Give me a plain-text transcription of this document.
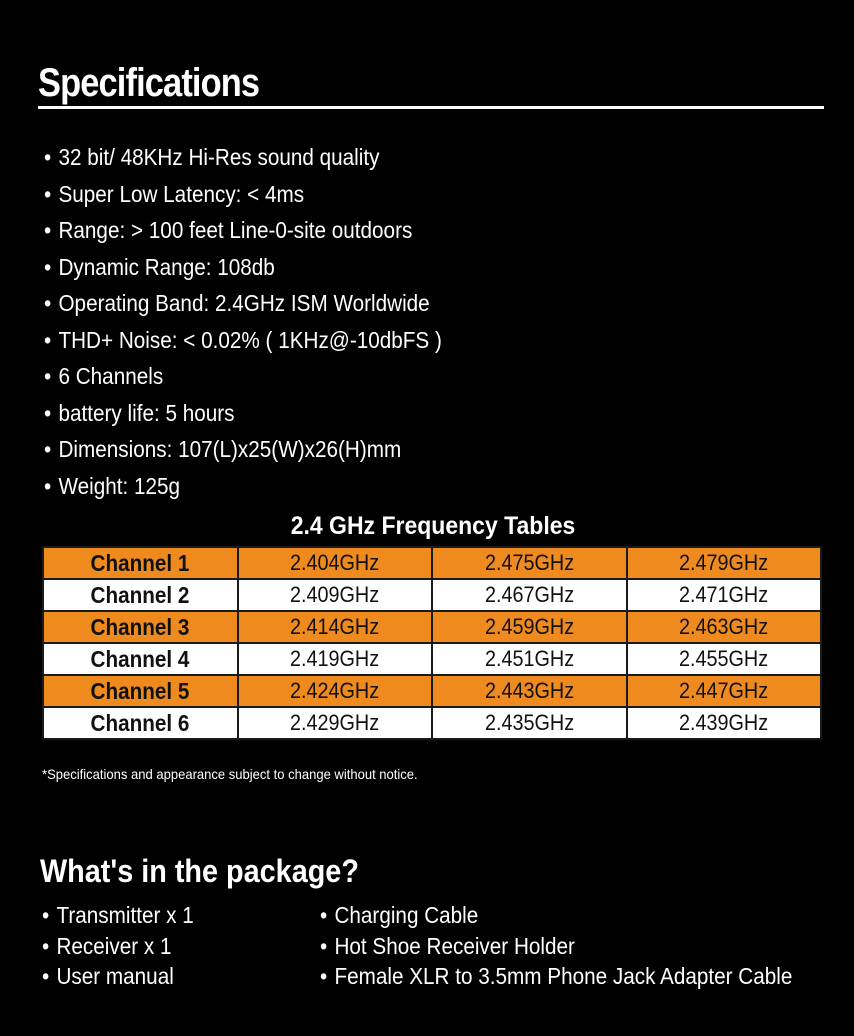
Specifications
• 32 bit/ 48KHz Hi-Res sound quality
• Super Low Latency: < 4ms
• Range: > 100 feet Line-0-site outdoors
• Dynamic Range: 108db
• Operating Band: 2.4GHz ISM Worldwide
• THD+ Noise: < 0.02% ( 1KHz@-10dbFS )
• 6 Channels
• battery life: 5 hours
• Dimensions: 107(L)x25(W)x26(H)mm
• Weight: 125g
2.4 GHz Frequency Tables
Channel 1	2.404GHz	2.475GHz	2.479GHz
Channel 2	2.409GHz	2.467GHz	2.471GHz
Channel 3	2.414GHz	2.459GHz	2.463GHz
Channel 4	2.419GHz	2.451GHz	2.455GHz
Channel 5	2.424GHz	2.443GHz	2.447GHz
Channel 6	2.429GHz	2.435GHz	2.439GHz
*Specifications and appearance subject to change without notice.
What's in the package?
• Transmitter x 1
• Receiver x 1
• User manual
• Charging Cable
• Hot Shoe Receiver Holder
• Female XLR to 3.5mm Phone Jack Adapter Cable
